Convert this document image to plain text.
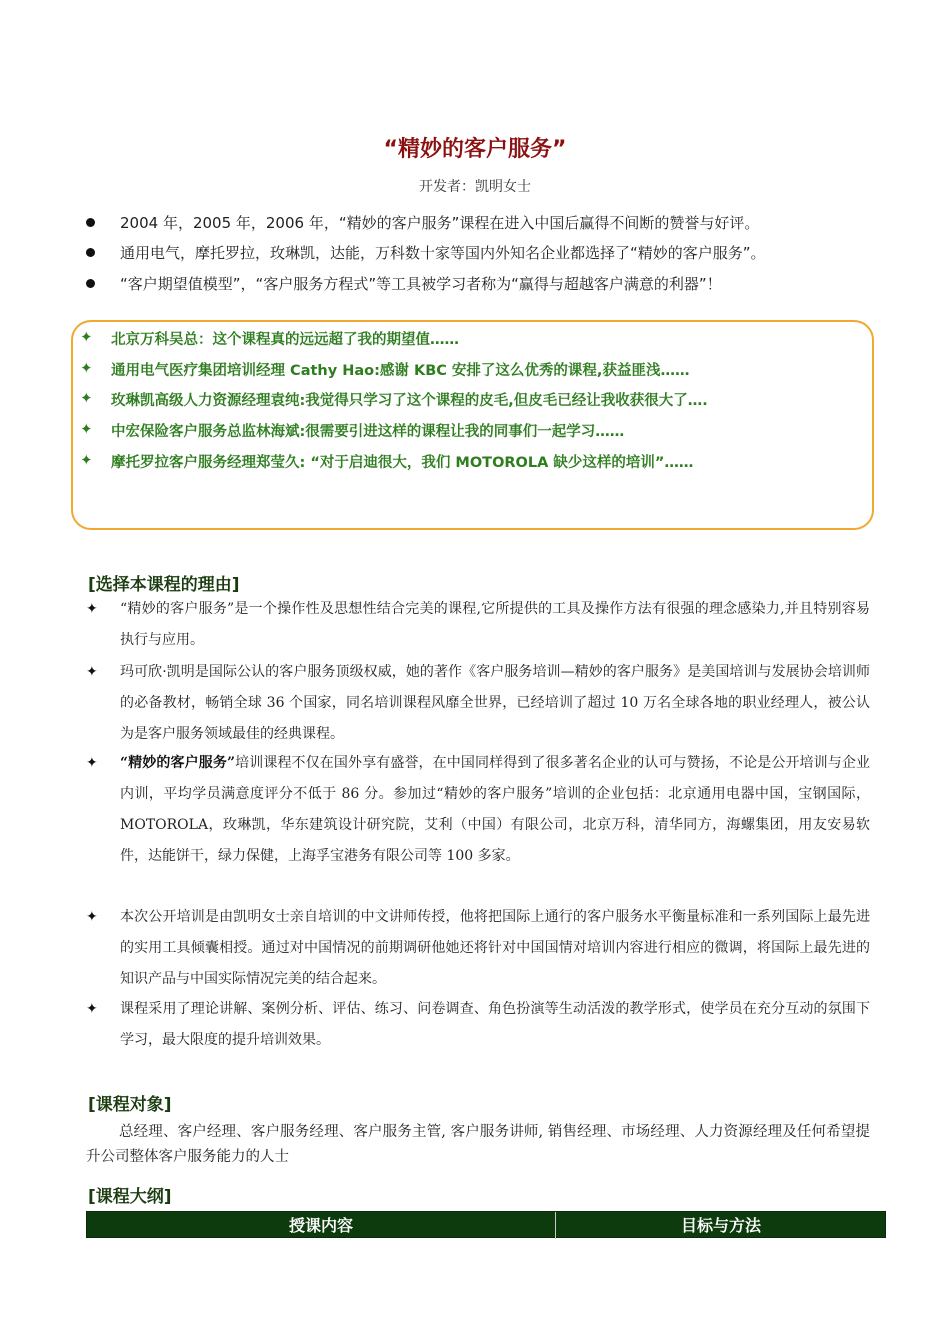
“精妙的客户服务”
开发者：凯明女士
2004 年，2005 年，2006 年，“精妙的客户服务”课程在进入中国后赢得不间断的赞誉与好评。
通用电气，摩托罗拉，玫琳凯，达能，万科数十家等国内外知名企业都选择了“精妙的客户服务”。
“客户期望值模型”，“客户服务方程式”等工具被学习者称为“赢得与超越客户满意的利器”！
✦ 北京万科吴总：这个课程真的远远超了我的期望值……
✦ 通用电气医疗集团培训经理 Cathy Hao:感谢 KBC 安排了这么优秀的课程,获益匪浅……
✦ 玫琳凯高级人力资源经理袁纯:我觉得只学习了这个课程的皮毛,但皮毛已经让我收获很大了….
✦ 中宏保险客户服务总监林海斌:很需要引进这样的课程让我的同事们一起学习……
✦ 摩托罗拉客户服务经理郑莹久: “对于启迪很大，我们 MOTOROLA 缺少这样的培训”……
[选择本课程的理由]
✦ “精妙的客户服务”是一个操作性及思想性结合完美的课程,它所提供的工具及操作方法有很强的理念感染力,并且特别容易执行与应用。
✦ 玛可欣·凯明是国际公认的客户服务顶级权威，她的著作《客户服务培训—精妙的客户服务》是美国培训与发展协会培训师的必备教材，畅销全球 36 个国家，同名培训课程风靡全世界，已经培训了超过 10 万名全球各地的职业经理人，被公认为是客户服务领域最佳的经典课程。
✦ “精妙的客户服务”培训课程不仅在国外享有盛誉，在中国同样得到了很多著名企业的认可与赞扬，不论是公开培训与企业内训，平均学员满意度评分不低于 86 分。参加过“精妙的客户服务”培训的企业包括：北京通用电器中国，宝钢国际，MOTOROLA，玫琳凯，华东建筑设计研究院，艾利（中国）有限公司，北京万科，清华同方，海螺集团，用友安易软件，达能饼干，绿力保健，上海孚宝港务有限公司等 100 多家。
✦ 本次公开培训是由凯明女士亲自培训的中文讲师传授，他将把国际上通行的客户服务水平衡量标准和一系列国际上最先进的实用工具倾囊相授。通过对中国情况的前期调研他她还将针对中国国情对培训内容进行相应的微调，将国际上最先进的知识产品与中国实际情况完美的结合起来。
✦ 课程采用了理论讲解、案例分析、评估、练习、问卷调查、角色扮演等生动活泼的教学形式，使学员在充分互动的氛围下学习，最大限度的提升培训效果。
[课程对象]
总经理、客户经理、客户服务经理、客户服务主管, 客户服务讲师, 销售经理、市场经理、人力资源经理及任何希望提升公司整体客户服务能力的人士
[课程大纲]
授课内容	目标与方法
